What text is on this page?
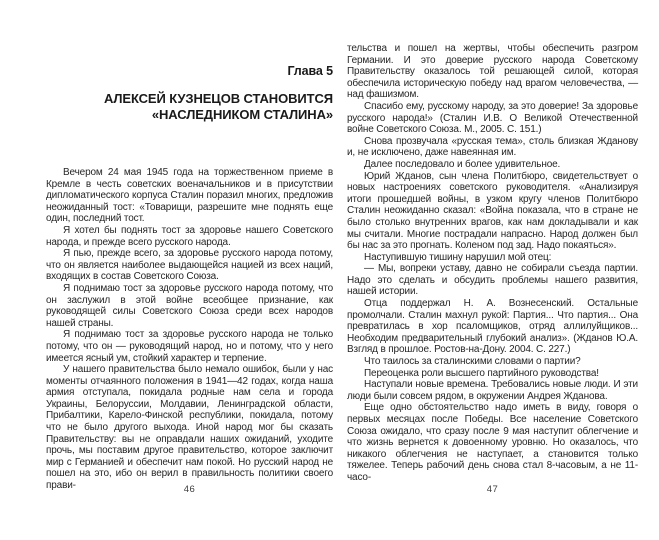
Глава 5
АЛЕКСЕЙ КУЗНЕЦОВ СТАНОВИТСЯ
«НАСЛЕДНИКОМ СТАЛИНА»

Вечером 24 мая 1945 года на торжественном приеме в Кремле в честь советских военачальников и в присутствии дипломатического корпуса Сталин поразил многих, предложив неожиданный тост: «Товарищи, разрешите мне поднять еще один, последний тост.

Я хотел бы поднять тост за здоровье нашего Советского народа, и прежде всего русского народа.

Я пью, прежде всего, за здоровье русского народа потому, что он является наиболее выдающейся нацией из всех наций, входящих в состав Советского Союза.

Я поднимаю тост за здоровье русского народа потому, что он заслужил в этой войне всеобщее признание, как руководящей силы Советского Союза среди всех народов нашей страны.

Я поднимаю тост за здоровье русского народа не только потому, что он — руководящий народ, но и потому, что у него имеется ясный ум, стойкий характер и терпение.

У нашего правительства было немало ошибок, были у нас моменты отчаянного положения в 1941—42 годах, когда наша армия отступала, покидала родные нам села и города Украины, Белоруссии, Молдавии, Ленинградской области, Прибалтики, Карело-Финской республики, покидала, потому что не было другого выхода. Иной народ мог бы сказать Правительству: вы не оправдали наших ожиданий, уходите прочь, мы поставим другое правительство, которое заключит мир с Германией и обеспечит нам покой. Но русский народ не пошел на это, ибо он верил в правильность политики своего прави-	46

тельства и пошел на жертвы, чтобы обеспечить разгром Германии. И это доверие русского народа Советскому Правительству оказалось той решающей силой, которая обеспечила историческую победу над врагом человечества, — над фашизмом.

Спасибо ему, русскому народу, за это доверие! За здоровье русского народа!» (Сталин И.В. О Великой Отечественной войне Советского Союза. М., 2005. С. 151.)

Снова прозвучала «русская тема», столь близкая Жданову и, не исключено, даже навеянная им.

Далее последовало и более удивительное.

Юрий Жданов, сын члена Политбюро, свидетельствует о новых настроениях советского руководителя. «Анализируя итоги прошедшей войны, в узком кругу членов Политбюро Сталин неожиданно сказал: «Война показала, что в стране не было столько внутренних врагов, как нам докладывали и как мы считали. Многие пострадали напрасно. Народ должен был бы нас за это прогнать. Коленом под зад. Надо покаяться».

Наступившую тишину нарушил мой отец:

— Мы, вопреки уставу, давно не собирали съезда партии. Надо это сделать и обсудить проблемы нашего развития, нашей истории.

Отца поддержал Н. А. Вознесенский. Остальные промолчали. Сталин махнул рукой: Партия... Что партия... Она превратилась в хор псаломщиков, отряд аллилуйщиков... Необходим предварительный глубокий анализ». (Жданов Ю.А. Взгляд в прошлое. Ростов-на-Дону. 2004. С. 227.)

Что таилось за сталинскими словами о партии?

Переоценка роли высшего партийного руководства!

Наступали новые времена. Требовались новые люди. И эти люди были совсем рядом, в окружении Андрея Жданова.

Еще одно обстоятельство надо иметь в виду, говоря о первых месяцах после Победы. Все население Советского Союза ожидало, что сразу после 9 мая наступит облегчение и что жизнь вернется к довоенному уровню. Но оказалось, что никакого облегчения не наступает, а становится только тяжелее. Теперь рабочий день снова стал 8-часовым, а не 11-часо-

47
